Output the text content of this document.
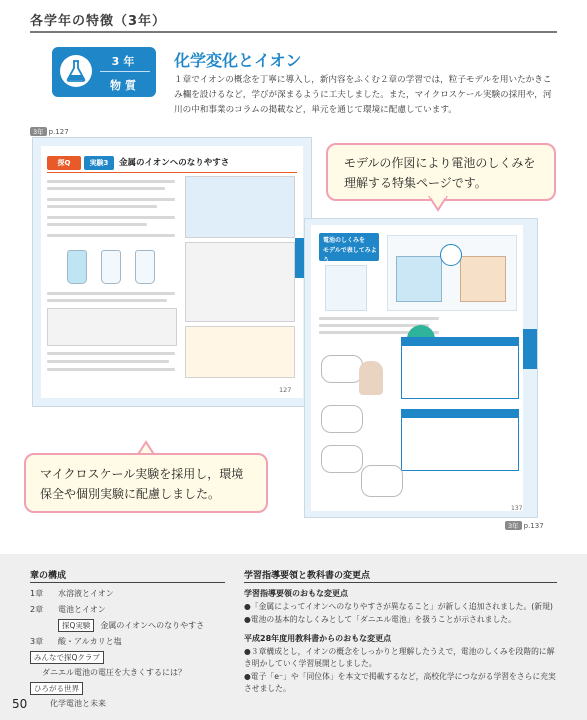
各学年の特徴（3年）
3年
物質
化学変化とイオン
１章でイオンの概念を丁寧に導入し，新内容をふくむ２章の学習では，粒子モデルを用いたかきこみ欄を設けるなど，学びが深まるように工夫しました。また，マイクロスケール実験の採用や，河川の中和事業のコラムの掲載など，単元を通じて環境に配慮しています。
3年 p.127
探Q	実験3	金属のイオンへのなりやすさ
127
電池のしくみを
モデルで表してみよう

137
モデルの作図により電池のしくみを理解する特集ページです。
マイクロスケール実験を採用し，環境保全や個別実験に配慮しました。
3年 p.137
章の構成
1章	水溶液とイオン
2章	電池とイオン
探Q実験	金属のイオンへのなりやすさ
3章	酸・アルカリと塩
みんなで探Qクラブ
ダニエル電池の電圧を大きくするには？
ひろがる世界
化学電池と未来
学習指導要領と教科書の変更点
学習指導要領のおもな変更点
●「金属によってイオンへのなりやすさが異なること」が新しく追加されました。(新規)
●電池の基本的なしくみとして「ダニエル電池」を扱うことが示されました。
平成28年度用教科書からのおもな変更点
●３章構成とし，イオンの概念をしっかりと理解したうえで，電池のしくみを段階的に解き明かしていく学習展開としました。
●電子「e⁻」や「同位体」を本文で掲載するなど，高校化学につながる学習をさらに充実させました。
50
